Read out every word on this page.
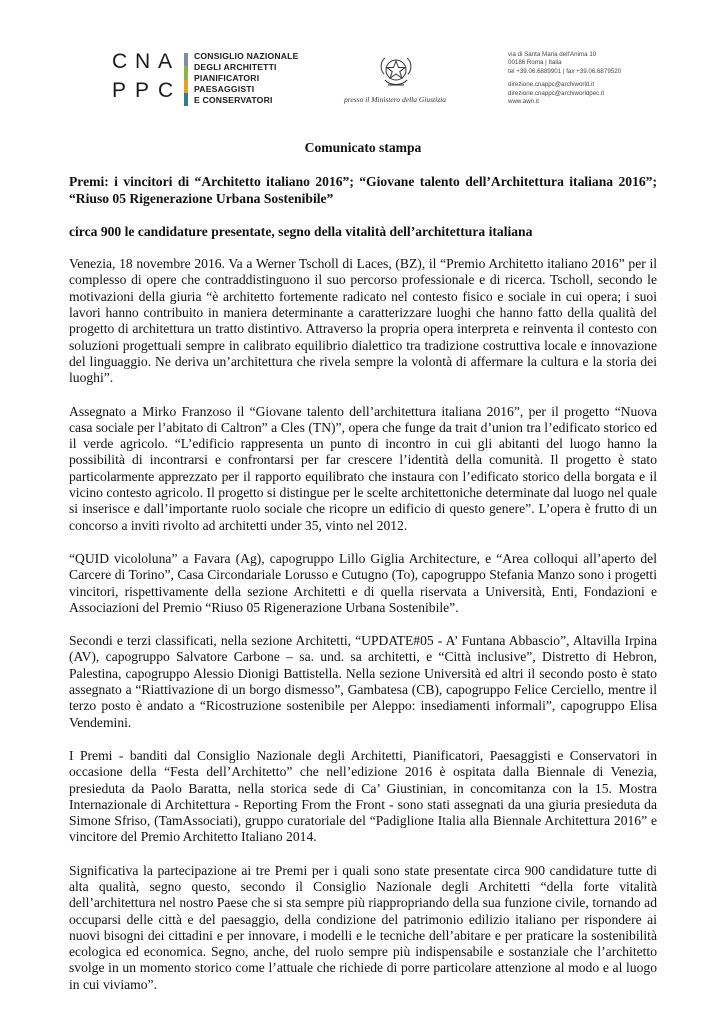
C N A
P P C
CONSIGLIO NAZIONALE
DEGLI ARCHITETTI
PIANIFICATORI
PAESAGGISTI
E CONSERVATORI	presso il Ministero della Giustizia
via di Santa Maria dell'Anima 10
00186 Roma | Italia
tel +39.06.6889901 | fax +39.06.6879520
direzione.cnappc@archiworld.it
direzione.cnappc@archiworldpec.it
www.awn.it

Comunicato stampa

Premi: i vincitori di “Architetto italiano 2016”; “Giovane talento dell’Architettura italiana 2016”; “Riuso 05 Rigenerazione Urbana Sostenibile”

circa 900 le candidature presentate, segno della vitalità dell’architettura italiana

Venezia, 18 novembre 2016. Va a Werner Tscholl di Laces, (BZ), il “Premio Architetto italiano 2016” per il complesso di opere che contraddistinguono il suo percorso professionale e di ricerca. Tscholl, secondo le motivazioni della giuria “è architetto fortemente radicato nel contesto fisico e sociale in cui opera; i suoi lavori hanno contribuito in maniera determinante a caratterizzare luoghi che hanno fatto della qualità del progetto di architettura un tratto distintivo. Attraverso la propria opera interpreta e reinventa il contesto con soluzioni progettuali sempre in calibrato equilibrio dialettico tra tradizione costruttiva locale e innovazione del linguaggio. Ne deriva un’architettura che rivela sempre la volontà di affermare la cultura e la storia dei luoghi”.

Assegnato a Mirko Franzoso il “Giovane talento dell’architettura italiana 2016”, per il progetto “Nuova casa sociale per l’abitato di Caltron” a Cles (TN)”, opera che funge da trait d’union tra l’edificato storico ed il verde agricolo. “L’edificio rappresenta un punto di incontro in cui gli abitanti del luogo hanno la possibilità di incontrarsi e confrontarsi per far crescere l’identità della comunità. Il progetto è stato particolarmente apprezzato per il rapporto equilibrato che instaura con l’edificato storico della borgata e il vicino contesto agricolo. Il progetto si distingue per le scelte architettoniche determinate dal luogo nel quale si inserisce e dall’importante ruolo sociale che ricopre un edificio di questo genere”. L’opera è frutto di un concorso a inviti rivolto ad architetti under 35, vinto nel 2012.

“QUID vicololuna” a Favara (Ag), capogruppo Lillo Giglia Architecture, e “Area colloqui all’aperto del Carcere di Torino”, Casa Circondariale Lorusso e Cutugno (To), capogruppo Stefania Manzo sono i progetti vincitori, rispettivamente della sezione Architetti e di quella riservata a Università, Enti, Fondazioni e Associazioni del Premio “Riuso 05 Rigenerazione Urbana Sostenibile”.

Secondi e terzi classificati, nella sezione Architetti, “UPDATE#05 - A’ Funtana Abbascio”, Altavilla Irpina (AV), capogruppo Salvatore Carbone – sa. und. sa architetti, e “Città inclusive”, Distretto di Hebron, Palestina, capogruppo Alessio Dionigi Battistella. Nella sezione Università ed altri il secondo posto è stato assegnato a “Riattivazione di un borgo dismesso”, Gambatesa (CB), capogruppo Felice Cerciello, mentre il terzo posto è andato a “Ricostruzione sostenibile per Aleppo: insediamenti informali”, capogruppo Elisa Vendemini.

I Premi - banditi dal Consiglio Nazionale degli Architetti, Pianificatori, Paesaggisti e Conservatori in occasione della “Festa dell’Architetto” che nell’edizione 2016 è ospitata dalla Biennale di Venezia, presieduta da Paolo Baratta, nella storica sede di Ca’ Giustinian, in concomitanza con la 15. Mostra Internazionale di Architettura - Reporting From the Front - sono stati assegnati da una giuria presieduta da Simone Sfriso, (TamAssociati), gruppo curatoriale del “Padiglione Italia alla Biennale Architettura 2016” e vincitore del Premio Architetto Italiano 2014.

Significativa la partecipazione ai tre Premi per i quali sono state presentate circa 900 candidature tutte di alta qualità, segno questo, secondo il Consiglio Nazionale degli Architetti “della forte vitalità dell’architettura nel nostro Paese che si sta sempre più riappropriando della sua funzione civile, tornando ad occuparsi delle città e del paesaggio, della condizione del patrimonio edilizio italiano per rispondere ai nuovi bisogni dei cittadini e per innovare, i modelli e le tecniche dell’abitare e per praticare la sostenibilità ecologica ed economica. Segno, anche, del ruolo sempre più indispensabile e sostanziale che l’architetto svolge in un momento storico come l’attuale che richiede di porre particolare attenzione al modo e al luogo in cui viviamo”.
